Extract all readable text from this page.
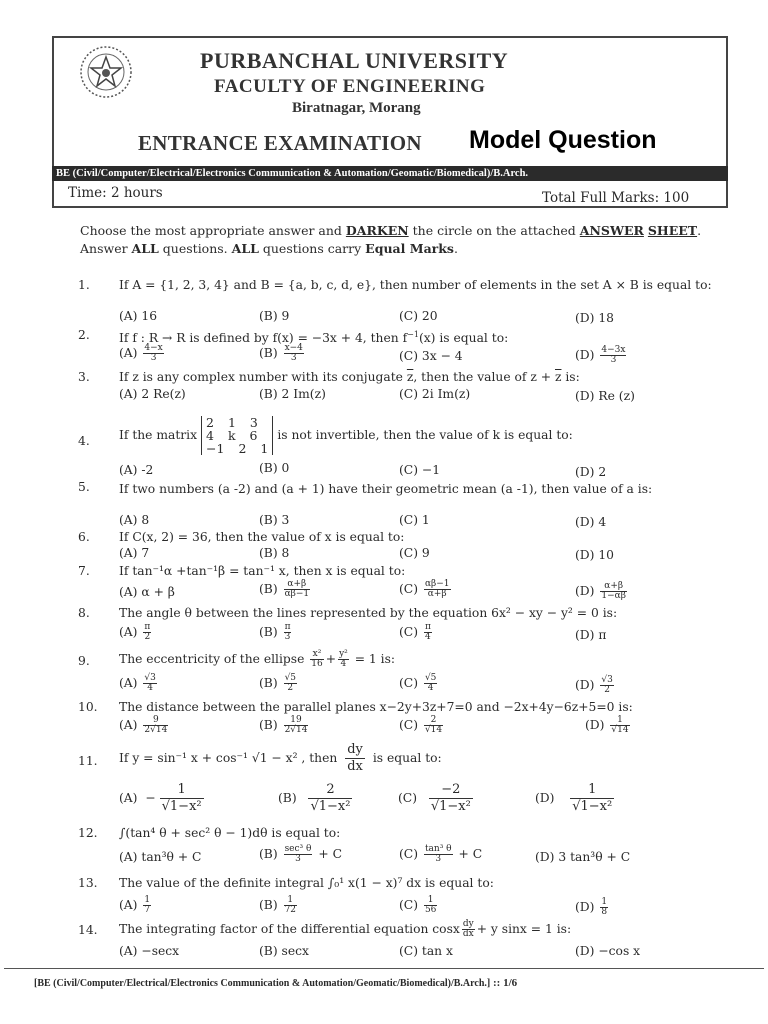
PURBANCHAL UNIVERSITY
FACULTY OF ENGINEERING
Biratnagar, Morang
ENTRANCE EXAMINATION Model Question
BE (Civil/Computer/Electrical/Electronics Communication & Automation/Geomatic/Biomedical)/B.Arch.
Time: 2 hours	Total Full Marks: 100
Choose the most appropriate answer and DARKEN the circle on the attached ANSWER SHEET. Answer ALL questions. ALL questions carry Equal Marks.
1. If A = {1, 2, 3, 4} and B = {a, b, c, d, e}, then number of elements in the set A × B is equal to:
(A) 16	(B) 9	(C) 20	(D) 18
2. If f : R → R is defined by f(x) = −3x + 4, then $f^{-1}(x)$ is equal to:
$(A) \frac{4-x}{3}$	$(B) \frac{x-4}{3}$	(C) 3x − 4	$(D) \frac{4-3x}{3}$
3. If z is any complex number with its conjugate $\overline{z}$, then the value of $z + \overline{z}$ is:
(A) 2 Re(z)	(B) 2 Im(z)	(C) 2i Im(z)	(D) Re (z)
4. If the matrix
2 1 3
4 k 6
−1 2 1
is not invertible, then the value of k is equal to:
(A) -2	(B) 0	(C) −1	(D) 2
5. If two numbers (a -2) and (a + 1) have their geometric mean (a -1), then value of a is:
(A) 8	(B) 3	(C) 1	(D) 4
6. If C(x, 2) = 36, then the value of x is equal to:
(A) 7	(B) 8	(C) 9	(D) 10
7. If tan⁻¹α +tan⁻¹β = tan⁻¹ x, then x is equal to:
(A) α + β	$(B) \frac{\alpha+\beta}{\alpha\beta-1}$	$(C) \frac{\alpha\beta-1}{\alpha+\beta}$	$(D) \frac{\alpha+\beta}{1-\alpha\beta}$
8. The angle θ between the lines represented by the equation 6x² − xy − y² = 0 is:
$(A) \frac{\pi}{2}$	$(B) \frac{\pi}{3}$	$(C) \frac{\pi}{4}$	(D) π
9. The eccentricity of the ellipse $\frac{\text{x²}}{16} + \frac{\text{y²}}{4} = 1$ is:
$(A) \frac{√3}{4}$	$(B) \frac{√5}{2}$	$(C) \frac{√5}{4}$	$(D) \frac{√3}{2}$
10. The distance between the parallel planes x−2y+3z+7=0 and −2x+4y−6z+5=0 is:
$(A) \frac{9}{2√14}$	$(B) \frac{19}{2√14}$	$(C) \frac{2}{√14}$	$(D) \frac{1}{√14}$
11. If y = sin⁻¹ x + cos⁻¹ √1 − x² , then $\frac{dy}{dx}$ is equal to:
$(A) - \frac{1}{\text{√1−x²}}$	$(B) \frac{2}{\text{√1−x²}}$	$(C) \frac{-2}{\text{√1−x²}}$	$(D) \frac{1}{\text{√1−x²}}$
12. ∫(tan⁴ θ + sec² θ − 1)dθ is equal to:
(A) tan³θ + C	$(B) \frac{\text{sec³ θ}}{3} + C$	$(C) \frac{\text{tan³ θ}}{3} + C$	(D) 3 tan³θ + C
13. The value of the definite integral ∫₀¹ x(1 − x)⁷ dx is equal to:
$(A) \frac{1}{7}$	$(B) \frac{1}{72}$	$(C) \frac{1}{56}$	$(D) \frac{1}{8}$
14. The integrating factor of the differential equation cosx $\frac{dy}{dx} + y$ sinx = 1 is:
(A) −secx	(B) secx	(C) tan x	(D) −cos x
[BE (Civil/Computer/Electrical/Electronics Communication & Automation/Geomatic/Biomedical)/B.Arch.] :: 1/6
